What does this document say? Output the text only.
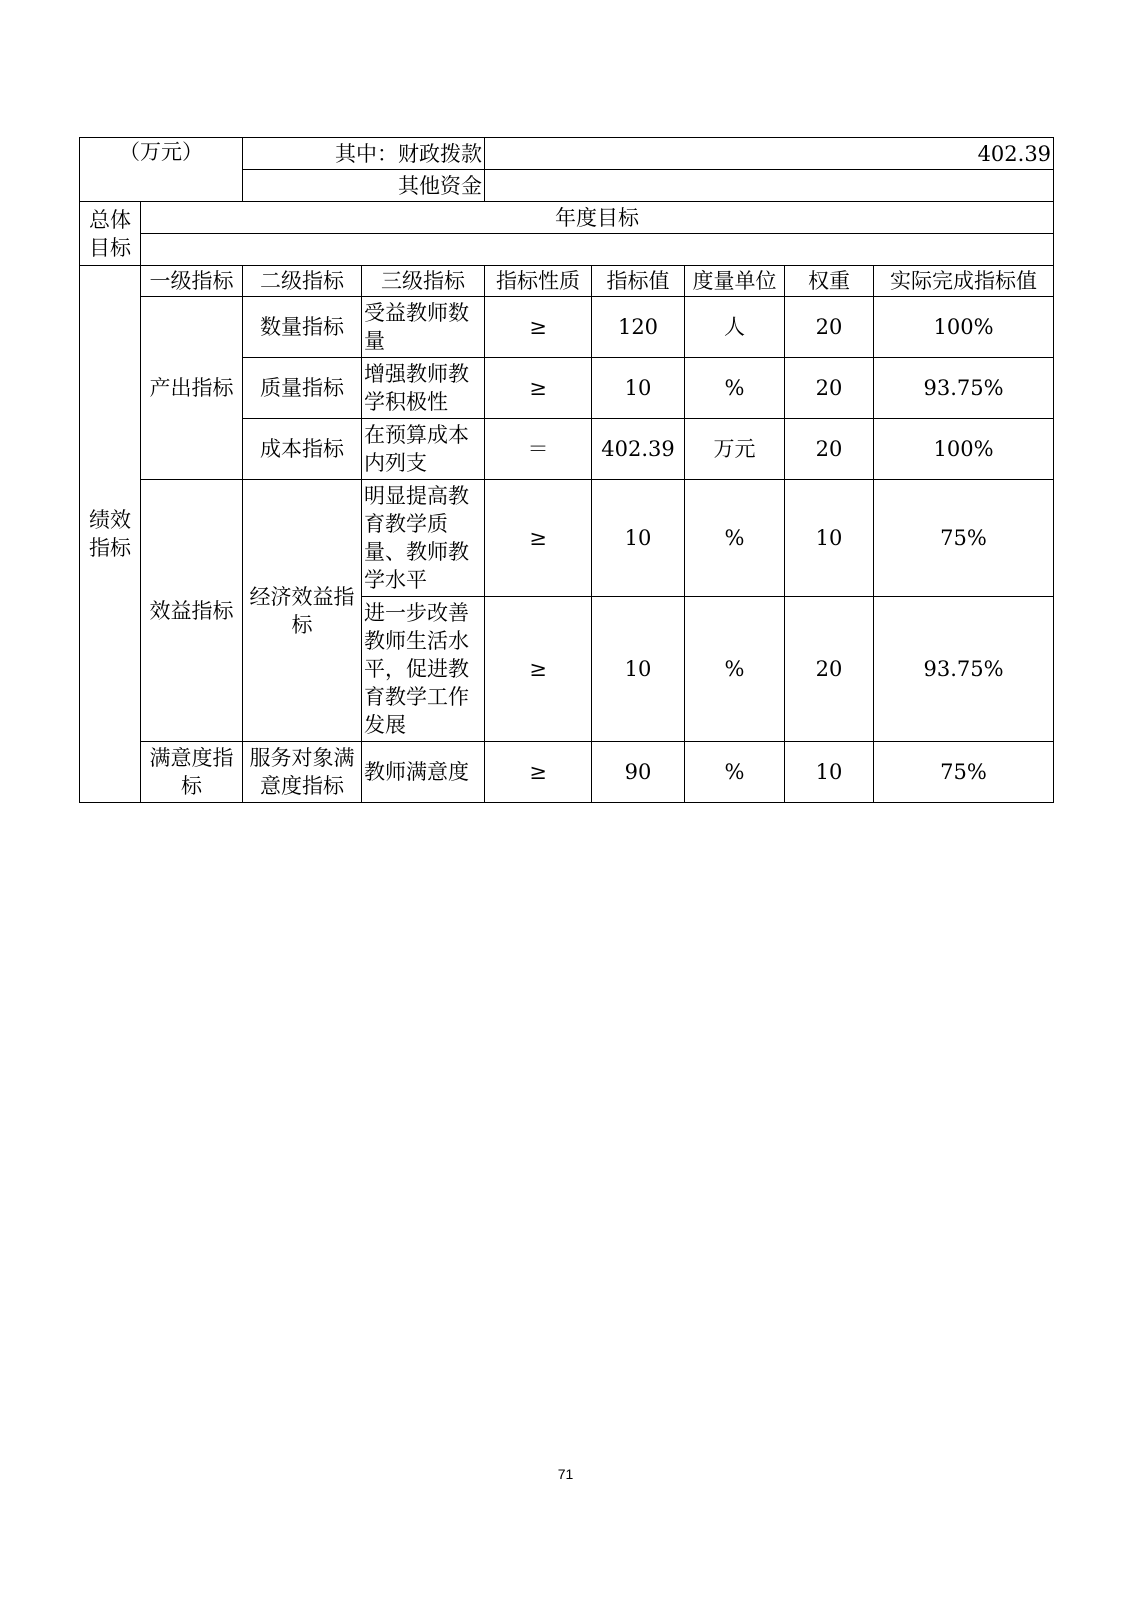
（万元）		其中：财政拨款		402.39				
		其他资金						
总体目标	年度目标							

绩效指标	一级指标	二级指标	三级指标	指标性质	指标值	度量单位	权重	实际完成指标值
	产出指标	数量指标	受益教师数量	≥	120	人	20	100%
		质量指标	增强教师教学积极性	≥	10	%	20	93.75%
		成本指标	在预算成本内列支	＝	402.39	万元	20	100%
	效益指标	经济效益指标	明显提高教育教学质量、教师教学水平	≥	10	%	10	75%
			进一步改善教师生活水平，促进教育教学工作发展	≥	10	%	20	93.75%
	满意度指标	服务对象满意度指标	教师满意度	≥	90	%	10	75%
71
